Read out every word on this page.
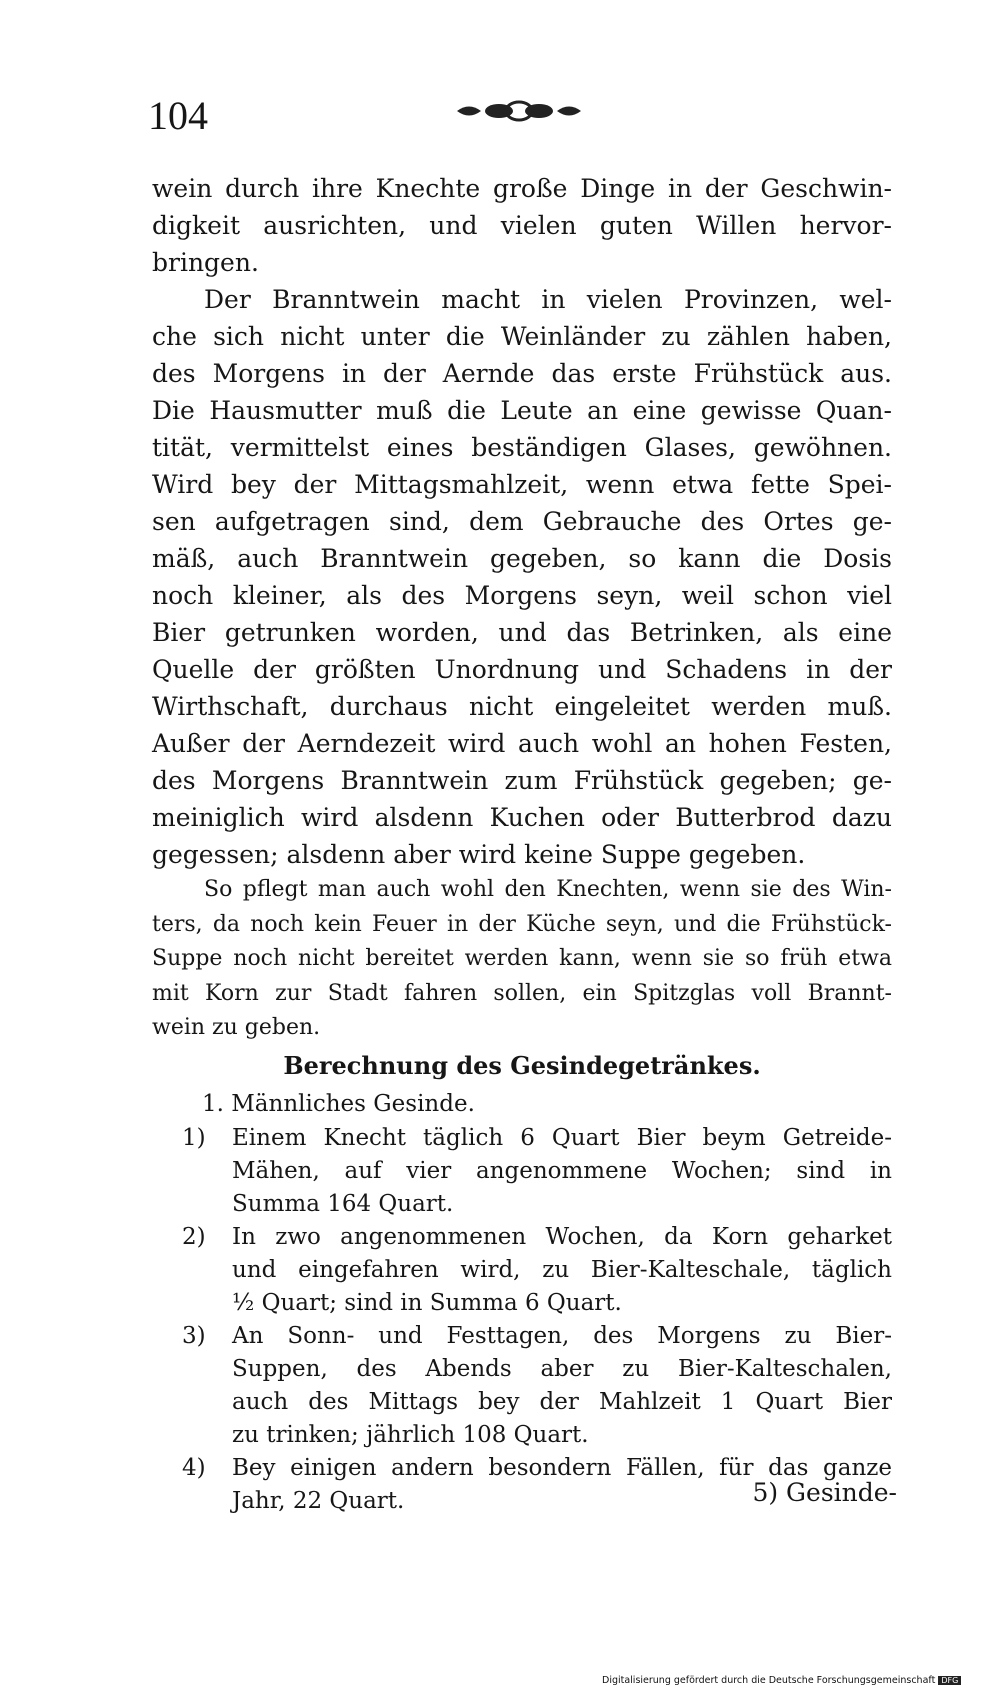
104
wein durch ihre Knechte große Dinge in der Geschwin-
digkeit ausrichten, und vielen guten Willen hervor-
bringen.
Der Branntwein macht in vielen Provinzen, wel-
che sich nicht unter die Weinländer zu zählen haben,
des Morgens in der Aernde das erste Frühstück aus.
Die Hausmutter muß die Leute an eine gewisse Quan-
tität, vermittelst eines beständigen Glases, gewöhnen.
Wird bey der Mittagsmahlzeit, wenn etwa fette Spei-
sen aufgetragen sind, dem Gebrauche des Ortes ge-
mäß, auch Branntwein gegeben, so kann die Dosis
noch kleiner, als des Morgens seyn, weil schon viel
Bier getrunken worden, und das Betrinken, als eine
Quelle der größten Unordnung und Schadens in der
Wirthschaft, durchaus nicht eingeleitet werden muß.
Außer der Aerndezeit wird auch wohl an hohen Festen,
des Morgens Branntwein zum Frühstück gegeben; ge-
meiniglich wird alsdenn Kuchen oder Butterbrod dazu
gegessen; alsdenn aber wird keine Suppe gegeben.
So pflegt man auch wohl den Knechten, wenn sie des Win-
ters, da noch kein Feuer in der Küche seyn, und die Frühstück-
Suppe noch nicht bereitet werden kann, wenn sie so früh etwa
mit Korn zur Stadt fahren sollen, ein Spitzglas voll Brannt-
wein zu geben.
Berechnung des Gesindegetränkes.
1. Männliches Gesinde.
1) Einem Knecht täglich 6 Quart Bier beym Getreide-
Mähen, auf vier angenommene Wochen; sind in
Summa 164 Quart.
2) In zwo angenommenen Wochen, da Korn geharket
und eingefahren wird, zu Bier-Kalteschale, täglich
½ Quart; sind in Summa 6 Quart.
3) An Sonn- und Festtagen, des Morgens zu Bier-
Suppen, des Abends aber zu Bier-Kalteschalen,
auch des Mittags bey der Mahlzeit 1 Quart Bier
zu trinken; jährlich 108 Quart.
4) Bey einigen andern besondern Fällen, für das ganze
Jahr, 22 Quart.	5) Gesinde-
Digitalisierung gefördert durch die Deutsche Forschungsgemeinschaft DFG
